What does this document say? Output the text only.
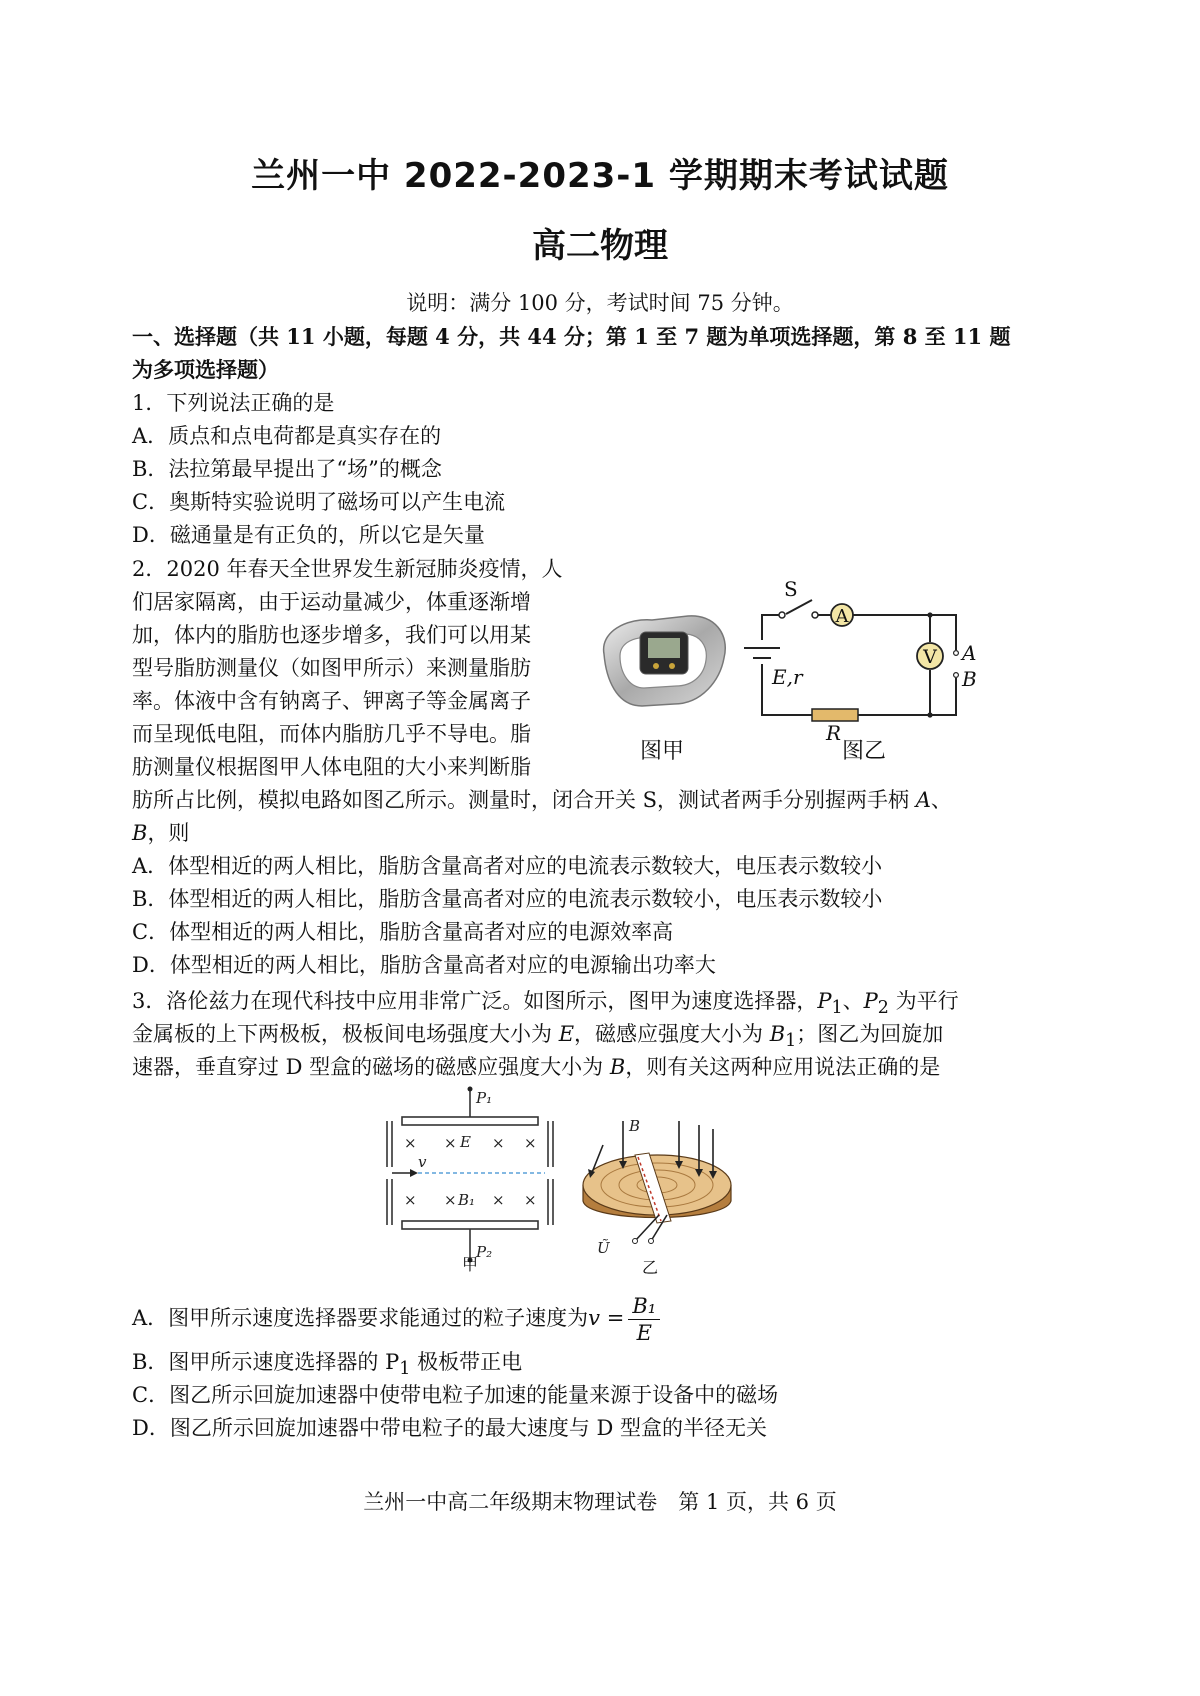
兰州一中 2022-2023-1 学期期末考试试题
高二物理
说明：满分 100 分，考试时间 75 分钟。
一、选择题（共 11 小题，每题 4 分，共 44 分；第 1 至 7 题为单项选择题，第 8 至 11 题
为多项选择题）
1．下列说法正确的是
A．质点和点电荷都是真实存在的
B．法拉第最早提出了“场”的概念
C．奥斯特实验说明了磁场可以产生电流
D．磁通量是有正负的，所以它是矢量
2．2020 年春天全世界发生新冠肺炎疫情，人
们居家隔离，由于运动量减少，体重逐渐增
加，体内的脂肪也逐步增多，我们可以用某
型号脂肪测量仪（如图甲所示）来测量脂肪
率。体液中含有钠离子、钾离子等金属离子
而呈现低电阻，而体内脂肪几乎不导电。脂
肪测量仪根据图甲人体电阻的大小来判断脂
肪所占比例，模拟电路如图乙所示。测量时，闭合开关 S，测试者两手分别握两手柄 A、
B，则
A．体型相近的两人相比，脂肪含量高者对应的电流表示数较大，电压表示数较小
B．体型相近的两人相比，脂肪含量高者对应的电流表示数较小，电压表示数较小
C．体型相近的两人相比，脂肪含量高者对应的电源效率高
D．体型相近的两人相比，脂肪含量高者对应的电源输出功率大
图甲
S
A
V
E,r
R
A
B
图乙
3．洛伦兹力在现代科技中应用非常广泛。如图所示，图甲为速度选择器，$P_1$、$P_2$ 为平行
金属板的上下两极板，极板间电场强度大小为 E，磁感应强度大小为 $B_1$；图乙为回旋加
速器，垂直穿过 D 型盒的磁场的磁感应强度大小为 B，则有关这两种应用说法正确的是
P₁
P₂
E
B₁
v
× × × ×
× × × ×
甲
B
Ũ
乙
A．图甲所示速度选择器要求能通过的粒子速度为$v = \frac{\text{B₁}}{E}$
B．图甲所示速度选择器的 $P_1$ 极板带正电
C．图乙所示回旋加速器中使带电粒子加速的能量来源于设备中的磁场
D．图乙所示回旋加速器中带电粒子的最大速度与 D 型盒的半径无关
兰州一中高二年级期末物理试卷　第 1 页，共 6 页
